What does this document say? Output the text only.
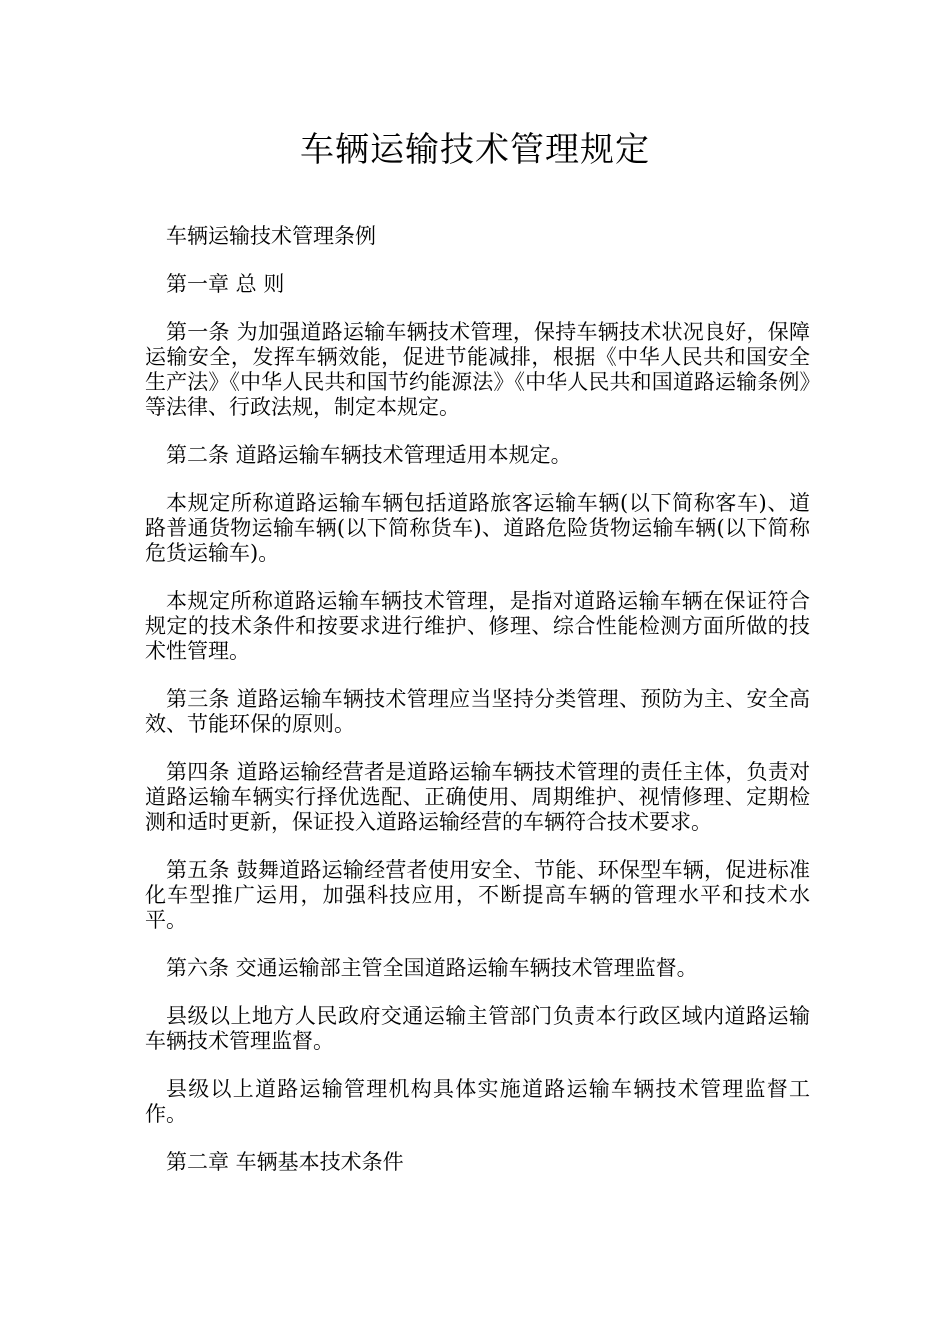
车辆运输技术管理规定

车辆运输技术管理条例

第一章 总 则

第一条 为加强道路运输车辆技术管理，保持车辆技术状况良好，保障运输安全，发挥车辆效能，促进节能减排，根据《中华人民共和国安全生产法》《中华人民共和国节约能源法》《中华人民共和国道路运输条例》等法律、行政法规，制定本规定。

第二条 道路运输车辆技术管理适用本规定。

本规定所称道路运输车辆包括道路旅客运输车辆(以下简称客车)、道路普通货物运输车辆(以下简称货车)、道路危险货物运输车辆(以下简称危货运输车)。

本规定所称道路运输车辆技术管理，是指对道路运输车辆在保证符合规定的技术条件和按要求进行维护、修理、综合性能检测方面所做的技术性管理。

第三条 道路运输车辆技术管理应当坚持分类管理、预防为主、安全高效、节能环保的原则。

第四条 道路运输经营者是道路运输车辆技术管理的责任主体，负责对道路运输车辆实行择优选配、正确使用、周期维护、视情修理、定期检测和适时更新，保证投入道路运输经营的车辆符合技术要求。

第五条 鼓舞道路运输经营者使用安全、节能、环保型车辆，促进标准化车型推广运用，加强科技应用，不断提高车辆的管理水平和技术水平。

第六条 交通运输部主管全国道路运输车辆技术管理监督。

县级以上地方人民政府交通运输主管部门负责本行政区域内道路运输车辆技术管理监督。

县级以上道路运输管理机构具体实施道路运输车辆技术管理监督工作。

第二章 车辆基本技术条件
